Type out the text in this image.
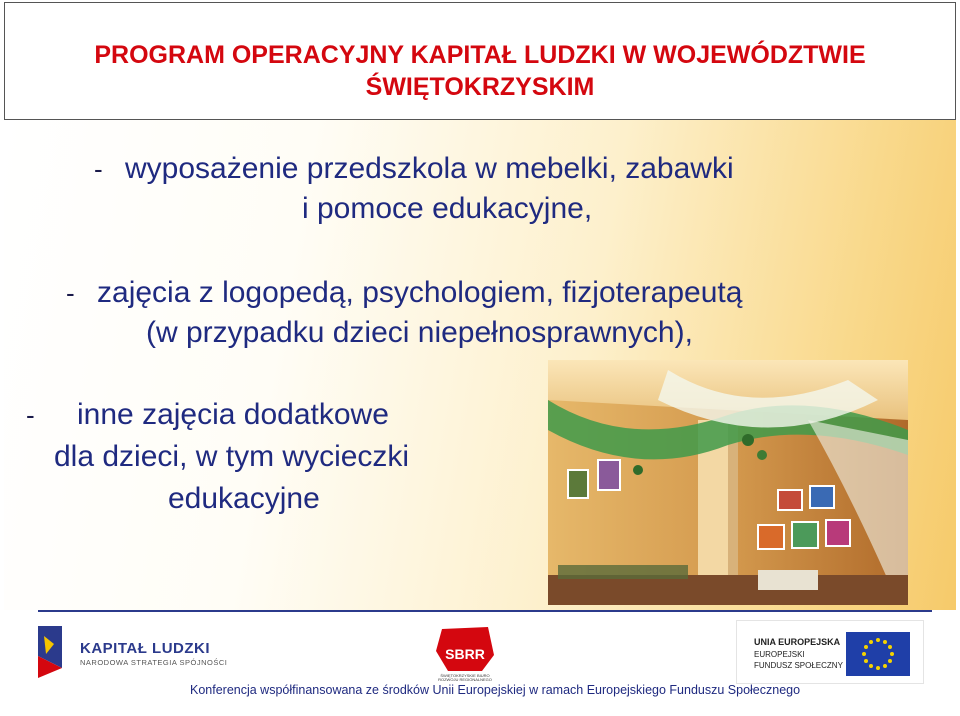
PROGRAM OPERACYJNY KAPITAŁ LUDZKI W WOJEWÓDZTWIE
ŚWIĘTOKRZYSKIM
- wyposażenie przedszkola w mebelki, zabawki
i pomoce edukacyjne,
- zajęcia z logopedą, psychologiem, fizjoterapeutą
(w przypadku dzieci niepełnosprawnych),
- inne zajęcia dodatkowe
dla dzieci, w tym wycieczki
edukacyjne
KAPITAŁ LUDZKI
NARODOWA STRATEGIA SPÓJNOŚCI
SBRR
ŚWIĘTOKRZYSKIE BIURO
ROZWOJU REGIONALNEGO
UNIA EUROPEJSKA
EUROPEJSKI
FUNDUSZ SPOŁECZNY
Konferencja współfinansowana ze środków Unii Europejskiej w ramach Europejskiego Funduszu Społecznego
